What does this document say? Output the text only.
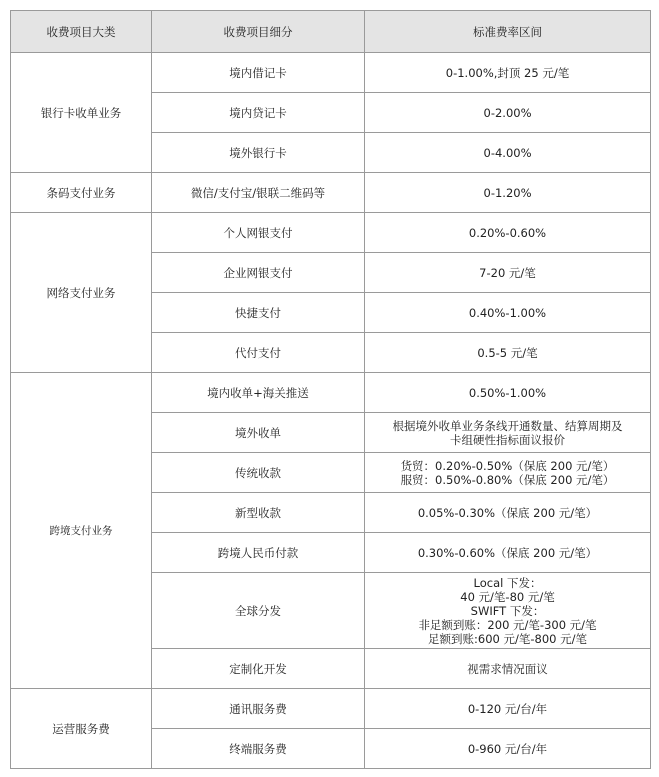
收费项目大类	收费项目细分	标准费率区间
银行卡收单业务	境内借记卡	0-1.00%,封顶 25 元/笔
	境内贷记卡	0-2.00%
	境外银行卡	0-4.00%
条码支付业务	微信/支付宝/银联二维码等	0-1.20%
网络支付业务	个人网银支付	0.20%-0.60%
	企业网银支付	7-20 元/笔
	快捷支付	0.40%-1.00%
	代付支付	0.5-5 元/笔
跨境支付业务	境内收单+海关推送	0.50%-1.00%
	境外收单	根据境外收单业务条线开通数量、结算周期及
卡组硬性指标面议报价
	传统收款	货贸：0.20%-0.50%（保底 200 元/笔）
服贸：0.50%-0.80%（保底 200 元/笔）
	新型收款	0.05%-0.30%（保底 200 元/笔）
	跨境人民币付款	0.30%-0.60%（保底 200 元/笔）
	全球分发	Local 下发：
40 元/笔-80 元/笔
SWIFT 下发：
非足额到账：200 元/笔-300 元/笔
足额到账:600 元/笔-800 元/笔
	定制化开发	视需求情况面议
运营服务费	通讯服务费	0-120 元/台/年
	终端服务费	0-960 元/台/年
